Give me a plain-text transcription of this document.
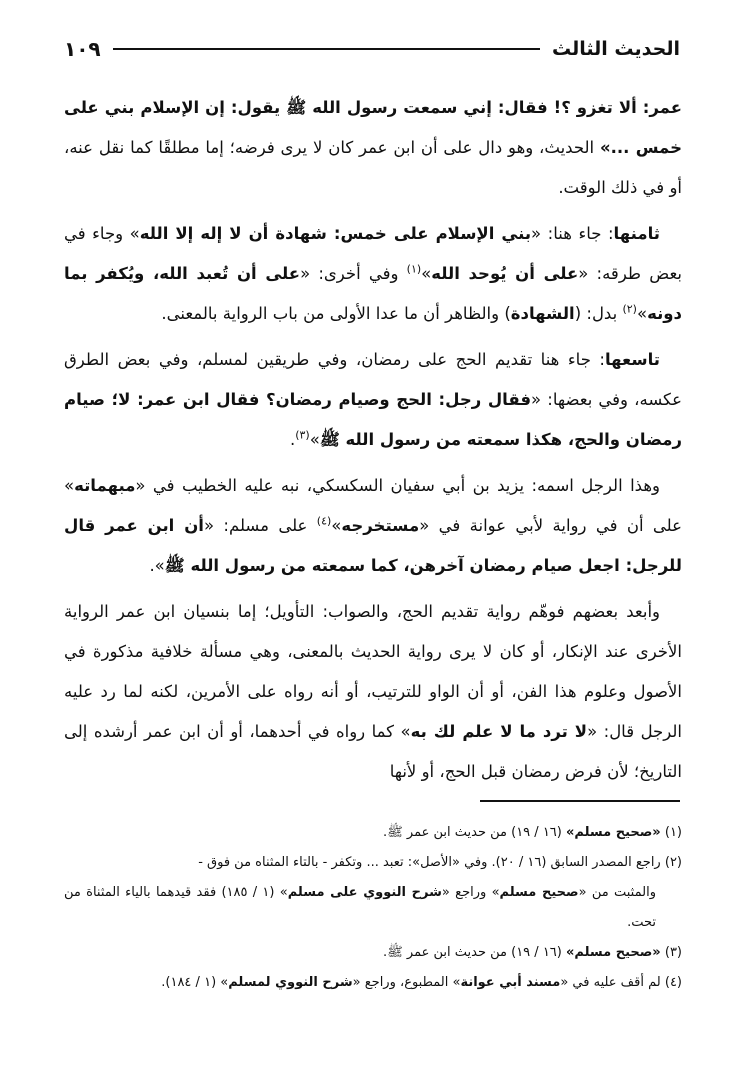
الحديث الثالث
١٠٩

عمر: ألا تغزو ؟! فقال: إني سمعت رسول الله ﷺ يقول: إن الإسلام بني على خمس ...» الحديث، وهو دال على أن ابن عمر كان لا يرى فرضه؛ إما مطلقًا كما نقل عنه، أو في ذلك الوقت.

ثامنها: جاء هنا: «بني الإسلام على خمس: شهادة أن لا إله إلا الله» وجاء في بعض طرقه: «على أن يُوحد الله»$^{(١)}$ وفي أخرى: «على أن تُعبد الله، ويُكفر بما دونه»$^{(٢)}$ بدل: (الشهادة) والظاهر أن ما عدا الأولى من باب الرواية بالمعنى.

تاسعها: جاء هنا تقديم الحج على رمضان، وفي طريقين لمسلم، وفي بعض الطرق عكسه، وفي بعضها: «فقال رجل: الحج وصيام رمضان؟ فقال ابن عمر: لا؛ صيام رمضان والحج، هكذا سمعته من رسول الله ﷺ»$^{(٣)}$.

وهذا الرجل اسمه: يزيد بن أبي سفيان السكسكي، نبه عليه الخطيب في «مبهماته» على أن في رواية لأبي عوانة في «مستخرجه»$^{(٤)}$ على مسلم: «أن ابن عمر قال للرجل: اجعل صيام رمضان آخرهن، كما سمعته من رسول الله ﷺ».

وأبعد بعضهم فوهّم رواية تقديم الحج، والصواب: التأويل؛ إما بنسيان ابن عمر الرواية الأخرى عند الإنكار، أو كان لا يرى رواية الحديث بالمعنى، وهي مسألة خلافية مذكورة في الأصول وعلوم هذا الفن، أو أن الواو للترتيب، أو أنه رواه على الأمرين، لكنه لما رد عليه الرجل قال: «لا ترد ما لا علم لك به» كما رواه في أحدهما، أو أن ابن عمر أرشده إلى التاريخ؛ لأن فرض رمضان قبل الحج، أو لأنها

(١) «صحيح مسلم» (١٦ / ١٩) من حديث ابن عمر ﷺ.

(٢) راجع المصدر السابق (١٦ / ٢٠). وفي «الأصل»: تعبد ... وتكفر - بالتاء المثناه من فوق -

والمثبت من «صحيح مسلم» وراجع «شرح النووي على مسلم» (١ / ١٨٥) فقد قيدهما بالياء المثناة من تحت.

(٣) «صحيح مسلم» (١٦ / ١٩) من حديث ابن عمر ﷺ.

(٤) لم أقف عليه في «مسند أبي عوانة» المطبوع، وراجع «شرح النووي لمسلم» (١ / ١٨٤).
